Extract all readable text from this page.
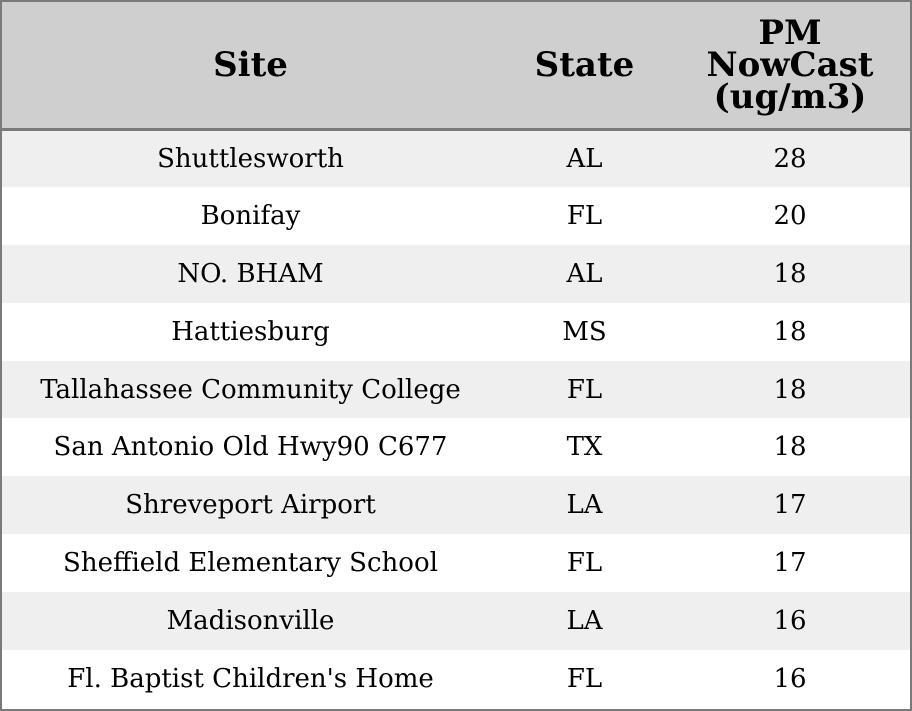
Site	State	PM
NowCast
(ug/m3)

Shuttlesworth	AL	28
Bonifay	FL	20
NO. BHAM	AL	18
Hattiesburg	MS	18
Tallahassee Community College	FL	18
San Antonio Old Hwy90 C677	TX	18
Shreveport Airport	LA	17
Sheffield Elementary School	FL	17
Madisonville	LA	16
Fl. Baptist Children's Home	FL	16
